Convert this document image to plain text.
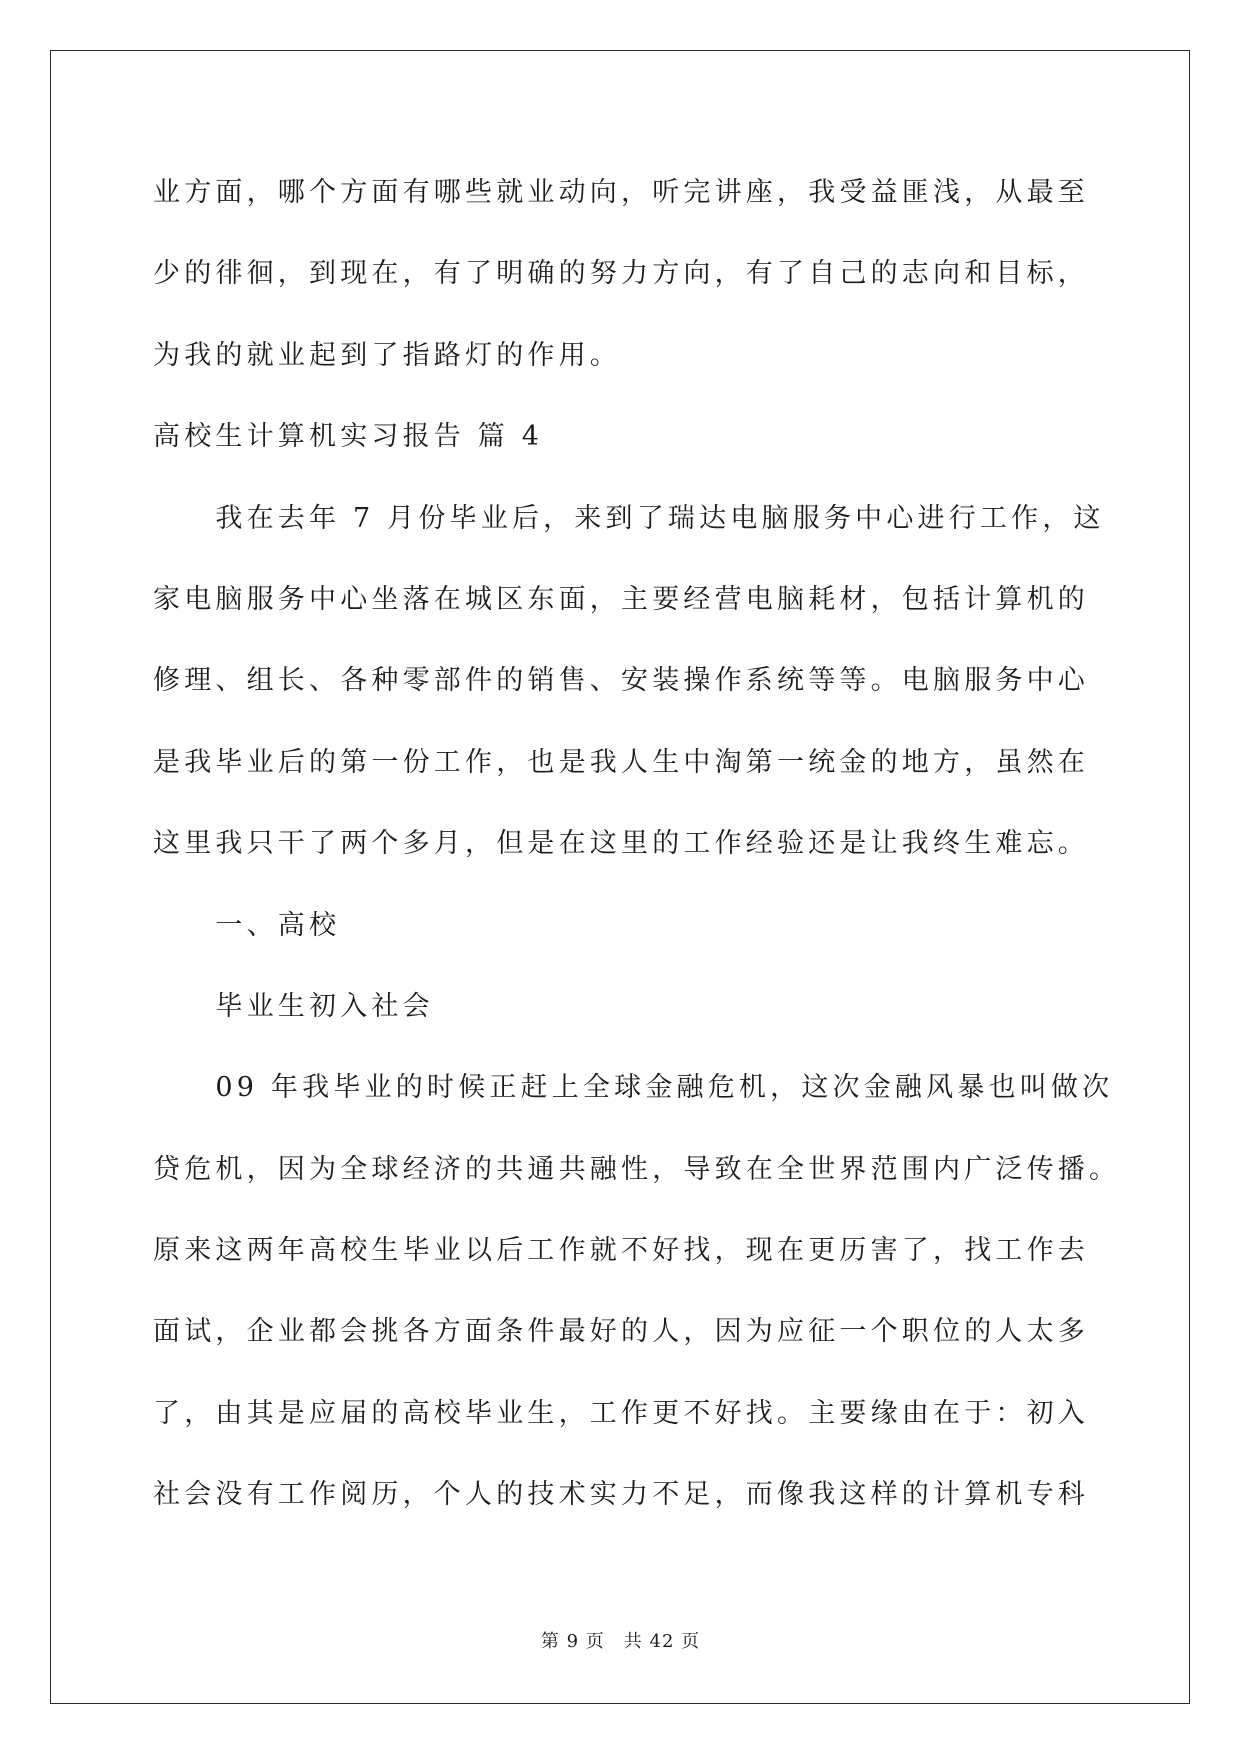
业方面，哪个方面有哪些就业动向，听完讲座，我受益匪浅，从最至
少的徘徊，到现在，有了明确的努力方向，有了自己的志向和目标，
为我的就业起到了指路灯的作用。
高校生计算机实习报告 篇 4
我在去年 7 月份毕业后，来到了瑞达电脑服务中心进行工作，这
家电脑服务中心坐落在城区东面，主要经营电脑耗材，包括计算机的
修理、组长、各种零部件的销售、安装操作系统等等。电脑服务中心
是我毕业后的第一份工作，也是我人生中淘第一统金的地方，虽然在
这里我只干了两个多月，但是在这里的工作经验还是让我终生难忘。
一、高校
毕业生初入社会
09 年我毕业的时候正赶上全球金融危机，这次金融风暴也叫做次
贷危机，因为全球经济的共通共融性，导致在全世界范围内广泛传播。
原来这两年高校生毕业以后工作就不好找，现在更历害了，找工作去
面试，企业都会挑各方面条件最好的人，因为应征一个职位的人太多
了，由其是应届的高校毕业生，工作更不好找。主要缘由在于：初入
社会没有工作阅历，个人的技术实力不足，而像我这样的计算机专科
第 9 页　共 42 页
